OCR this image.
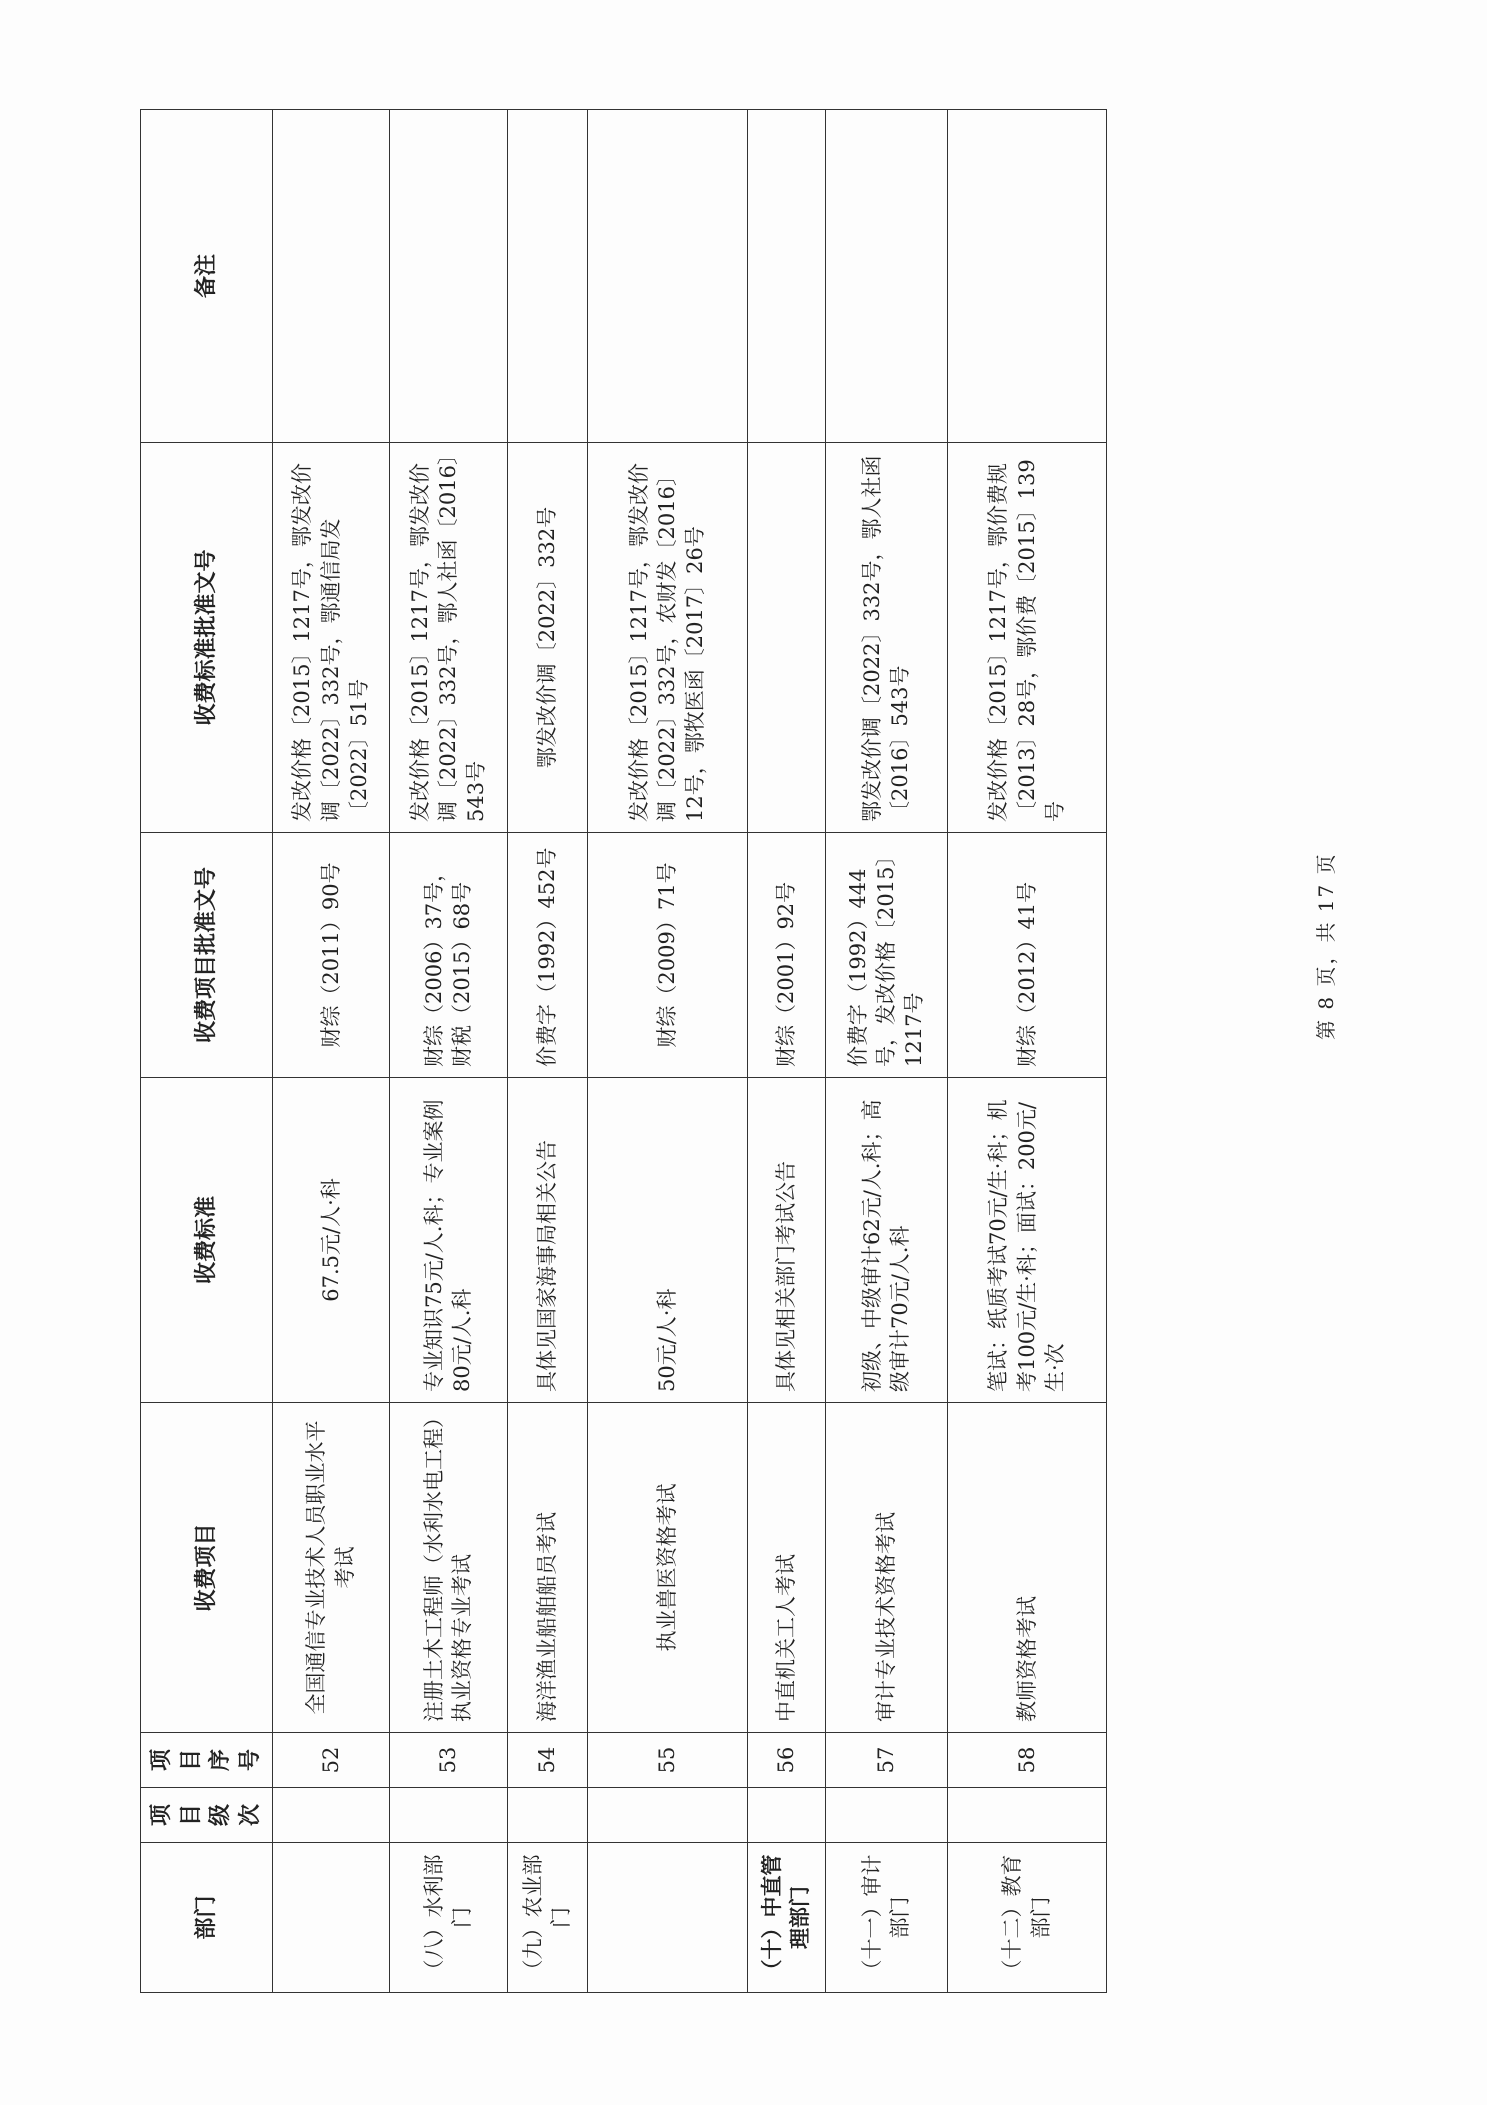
部门	项目级次	项目序号	收费项目	收费标准	收费项目批准文号	收费标准批准文号	备注
		52	全国通信专业技术人员职业水平考试	67.5元/人·科	财综（2011）90号	发改价格〔2015〕1217号，鄂发改价调〔2022〕332号，鄂通信局发〔2022〕51号	
（八）水利部门		53	注册土木工程师（水利水电工程）执业资格专业考试	专业知识75元/人.科；专业案例80元/人.科	财综（2006）37号，财税（2015）68号	发改价格〔2015〕1217号，鄂发改价调〔2022〕332号，鄂人社函〔2016〕543号	
（九）农业部门		54	海洋渔业船舶船员考试	具体见国家海事局相关公告	价费字（1992）452号	鄂发改价调〔2022〕332号	
		55	执业兽医资格考试	50元/人·科	财综（2009）71号	发改价格〔2015〕1217号，鄂发改价调〔2022〕332号，农财发〔2016〕12号，鄂牧医函〔2017〕26号	
（十）中直管理部门		56	中直机关工人考试	具体见相关部门考试公告	财综（2001）92号		
（十一）审计部门		57	审计专业技术资格考试	初级、中级审计62元/人.科；高级审计70元/人.科	价费字（1992）444号，发改价格〔2015〕1217号	鄂发改价调〔2022〕332号，鄂人社函〔2016〕543号	
（十二）教育部门		58	教师资格考试	笔试：纸质考试70元/生·科；机考100元/生·科；面试：200元/生·次	财综（2012）41号	发改价格〔2015〕1217号，鄂价费规〔2013〕28号，鄂价费〔2015〕139号	
第 8 页，共 17 页
